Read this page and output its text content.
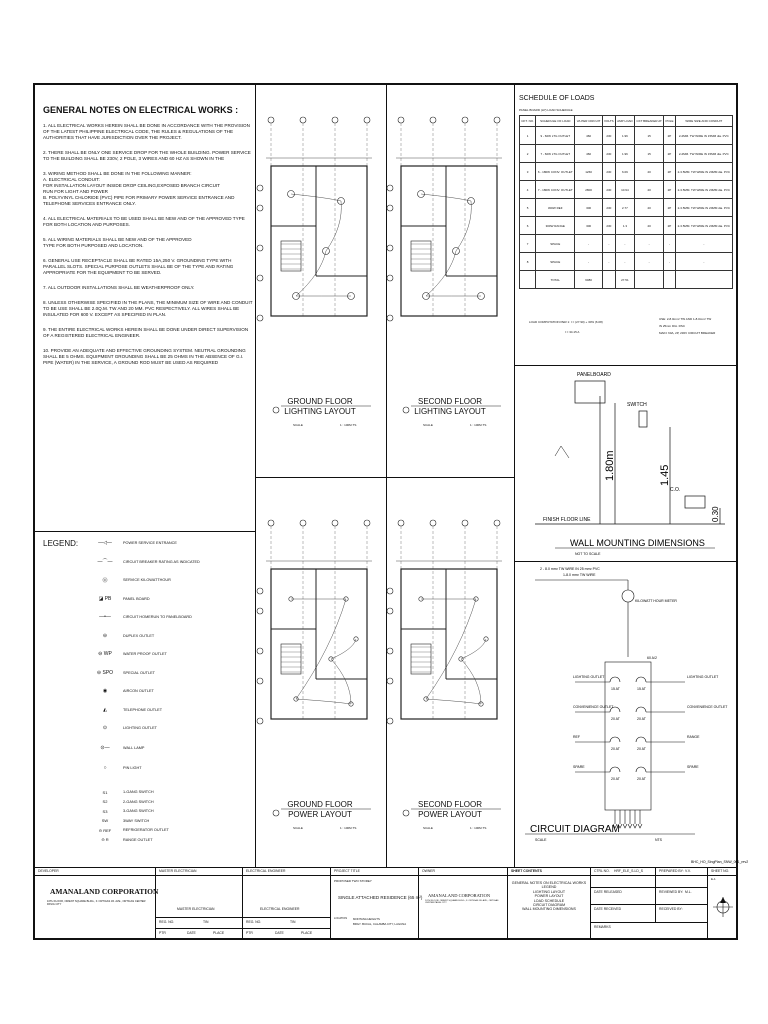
GENERAL NOTES ON ELECTRICAL WORKS :
1. ALL ELECTRICAL WORKS HEREIN SHALL BE DONE IN ACCORDANCE WITH THE PROVISION
OF THE LATEST PHILIPPINE ELECTRICAL CODE, THE RULES & REGULATIONS OF THE
AUTHORITIES THAT HAVE JURISDICTION OVER THE PROJECT.
2. THERE SHALL BE ONLY ONE SERVICE DROP FOR THE WHOLE BUILDING. POWER SERVICE
TO THE BUILDING SHALL BE 230V, 2 POLE, 3 WIRES AND 60 HZ AS SHOWN IN THE
3. WIRING METHOD SHALL BE DONE IN THE FOLLOWING MANNER:
A. ELECTRICAL CONDUIT:
FOR INSTALLATION LAYOUT INSIDE DROP CEILING,EXPOSED BRANCH CIRCUIT
RUN FOR LIGHT AND POWER
B. POLYVINYL CHLORIDE (PVC) PIPE FOR PRIMARY POWER SERVICE ENTRANCE AND
TELEPHONE SERVICES ENTRANCE ONLY.
4. ALL ELECTRICAL MATERIALS TO BE USED SHALL BE NEW AND OF THE APPROVED TYPE
FOR BOTH LOCATION AND PURPOSES.
5. ALL WIRING MATERIALS SHALL BE NEW AND OF THE APPROVED
TYPE FOR BOTH PURPOSED AND LOCATION.
6. GENERAL USE RECEPTACLE SHALL BE RATED 15A,250 V. GROUNDING TYPE WITH
PARALLEL SLOTS. SPECIAL PURPOSE OUTLETS SHALL BE OF THE TYPE AND RATING
APPROPRIATE FOR THE EQUIPMENT TO BE SERVED.
7. ALL OUTDOOR INSTALLATIONS SHALL BE WEATHERPROOF ONLY.
8. UNLESS OTHERWISE SPECIFIED IN THE PLANS, THE MINIMUM SIZE OF WIRE AND CONDUIT
TO BE USE SHALL BE 2.0Q.M. TW AND 20 MM. PVC RESPECTIVELY. ALL WIRES SHALL BE
INSULATED FOR 600 V. EXCEPT AS SPECIFIED IN PLAN.
9. THE ENTIRE ELECTRICAL WORKS HEREIN SHALL BE DONE UNDER DIRECT SUPERVISION
OF A REGISTERED ELECTRICAL ENGINEER.
10. PROVIDE AN ADEQUATE AND EFFECTIVE GROUNDING SYSTEM. NEUTRAL GROUNDING
SHALL BE 5 OHMS. EQUIPMENT GROUNDING SHALL BE 25 OHMS IN THE ABSENCE OF G.I.
PIPE (WATER) IN THE SERVICE, A GROUND ROD MUST BE USED AS REQUIRED
LEGEND:	—◁—	POWER SERVICE ENTRANCE
—⌒—	CIRCUIT BREAKER RATING AS INDICATED
Ⓜ	SERVICE KILOWATTHOUR
◪ PB	PANEL BOARD
—•—	CIRCUIT HOMERUN TO PANELBOARD
⊖	DUPLEX OUTLET
⊖ WP	WATER PROOF OUTLET
⊖ SPO	SPECIAL OUTLET
◉	AIRCON OUTLET
◭	TELEPHONE OUTLET
⊙	LIGHTING OUTLET
⊙—	WALL LAMP
○	PIN LIGHT
S1	1-GANG SWITCH
S2	2-GANG SWITCH
S3	3-GANG SWITCH
SW	3WAY SWITCH
⊖ REF	REFRIGERATOR OUTLET
⊖ R	RANGE OUTLET
GROUND FLOOR
LIGHTING LAYOUT
SECOND FLOOR
LIGHTING LAYOUT
GROUND FLOOR
POWER LAYOUT
SECOND FLOOR
POWER LAYOUT
SCALE	SCALE
SCALE	SCALE
1 : 100M.TS	1 : 100M.TS
1 : 100M.TS	1 : 100M.TS
SCHEDULE OF LOADS
PANEL BOARD (LP) LOAD SCHEDULE
CKT. NO.	SCHEDULE OF LOAD	VA PER CIRCUIT	VOLTS	AMP LOAD	CKT BREAKER AT	POLE	WIRE SIZE AND CONDUIT
1	9 - 60W LTG OUTLET	460	230	1.96	15	2P	2-2MM. TW WIRE IN 15MM dia. PVC
2	7 - 60W LTG OUTLET	460	230	1.96	15	2P	2-2MM. TW WIRE IN 15MM dia. PVC
3	6 - 180W CONV. OUTLET	1260	230	6.09	20	2P	2-3.5MM. TW WIRE IN 20MM dia. PVC
4	7 - 180W CONV. OUTLET	2800	230	10.94	20	2P	2-3.5MM. TW WIRE IN 20MM dia. PVC
5	300W REF	300	230	2.77	20	2P	2-3.5MM. TW WIRE IN 20MM dia. PVC
6	300W RANGE	300	230	1.3	20	2P	2-3.5MM. TW WIRE IN 20MM dia. PVC
7	SPACE	-	-	-	-	-	-
8	SPACE	-	-	-	-	-	-
	TOTAL	6080		27.51			
LOAD COMPUTATION PER 1: I = (27.90) + 30% (6.08)
I = 34.15 A
USE: 2-8.0mm² TW AND 1-8.0mm² TW
IN 25mm DIA. RSC
MAIN: 60A, 2P, 230V CIRCUIT BREAKER
PANELBOARD
SWITCH
C.O.
1.80m	1.45
0.30
FINISH FLOOR LINE
WALL MOUNTING DIMENSIONS
NOT TO SCALE
2 - 8.0 mm² TW WIRE IN 25 mm² PVC
1-8.0 mm² TW WIRE
KILOWATT HOUR METER
60 A/2
LIGHTING OUTLET	LIGHTING OUTLET
15 AT	15 AT
CONVENIENCE OUTLET	CONVENIENCE OUTLET
20 AT	20 AT
REF	RANGE
20 AT	20 AT
SPARE	SPARE
20 AT	20 AT
CIRCUIT DIAGRAM
SCALE	NTS
BHC_HO_SingPlan_SNW_001_rev2
DEVELOPER
AMANALAND CORPORATION
10TH FLOOR, ORIENT SQUARE BLDG., F. ORTIGAS JR. AVE., ORTIGAS CENTER PASIG CITY
MASTER ELECTRICIAN
MASTER ELECTRICIAN
ELECTRICAL ENGINEER
ELECTRICAL ENGINEER
REG. NO.	TIN	REG. NO.	TIN
PTR	DATE	PLACE	PTR	DATE	PLACE
PROJECT TITLE
PROPOSED TWO STOREY
SINGLE ATTACHED RESIDENCE (65 m²)
LOCATION MONTANA HEIGHTS
BRGY. BUCAL, CALAMBA CITY, LAGUNA
OWNER
AMANALAND CORPORATION
10TH FLOOR, ORIENT SQUARE BLDG., F. ORTIGAS JR. AVE., ORTIGAS CENTER PASIG CITY
SHEET CONTENTS
GENERAL NOTES ON ELECTRICAL WORKS
LEGEND
LIGHTING LAYOUT
POWER LAYOUT
LOAD SCHEDULE
CIRCUIT DIAGRAM
WALL MOUNTING DIMENSIONS
CTRL NO. HRF_ELE_S-LD_S	PREPARED BY: V.V.	SHEET NO.
E-1
DATE RELEASED	REVIEWED BY: M.L.
DATE RECEIVED	RECEIVED BY:
REMARKS
